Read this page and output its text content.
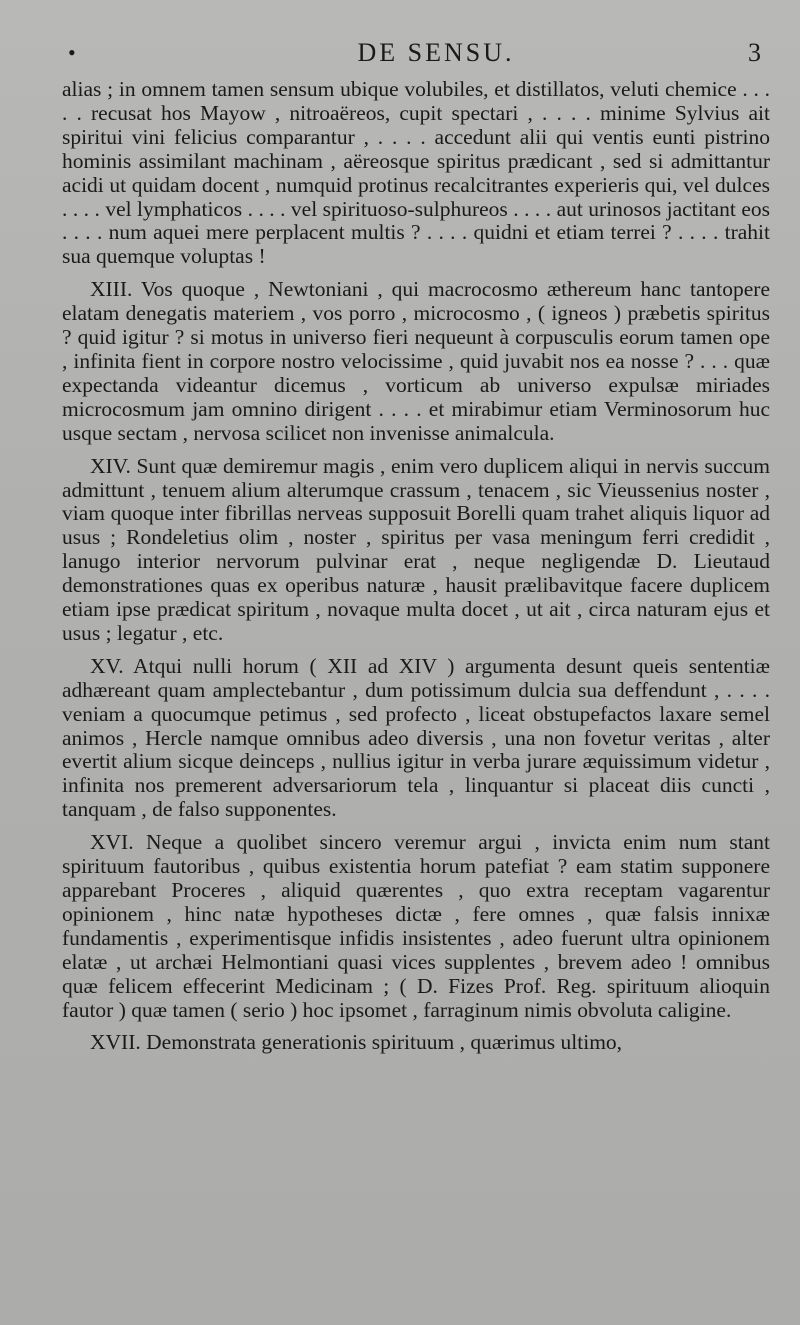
•	DE SENSU.	3

alias ; in omnem tamen sensum ubique volubiles, et distillatos, veluti chemice . . . . . recusat hos Mayow , nitroaëreos, cupit spectari , . . . . minime Sylvius ait spiritui vini felicius comparantur , . . . . accedunt alii qui ventis eunti pistrino hominis assimilant machinam , aëreosque spiritus prædicant , sed si admittantur acidi ut quidam docent , numquid protinus recalcitrantes experieris qui, vel dulces . . . . vel lymphaticos . . . . vel spirituoso-sulphureos . . . . aut urinosos jactitant eos . . . . num aquei mere perplacent multis ? . . . . quidni et etiam terrei ? . . . . trahit sua quemque voluptas !

XIII. Vos quoque , Newtoniani , qui macrocosmo æthereum hanc tantopere elatam denegatis materiem , vos porro , microcosmo , ( igneos ) præbetis spiritus ? quid igitur ? si motus in universo fieri nequeunt à corpusculis eorum tamen ope , infinita fient in corpore nostro velocissime , quid juvabit nos ea nosse ? . . . quæ expectanda videantur dicemus , vorticum ab universo expulsæ miriades microcosmum jam omnino dirigent . . . . et mirabimur etiam Verminosorum huc usque sectam , nervosa scilicet non invenisse animalcula.

XIV. Sunt quæ demiremur magis , enim vero duplicem aliqui in nervis succum admittunt , tenuem alium alterumque crassum , tenacem , sic Vieussenius noster , viam quoque inter fibrillas nerveas supposuit Borelli quam trahet aliquis liquor ad usus ; Rondeletius olim , noster , spiritus per vasa meningum ferri credidit , lanugo interior nervorum pulvinar erat , neque negligendæ D. Lieutaud demonstrationes quas ex operibus naturæ , hausit prælibavitque facere duplicem etiam ipse prædicat spiritum , novaque multa docet , ut ait , circa naturam ejus et usus ; legatur , etc.

XV. Atqui nulli horum ( XII ad XIV ) argumenta desunt queis sententiæ adhæreant quam amplectebantur , dum potissimum dulcia sua deffendunt , . . . . veniam a quocumque petimus , sed profecto , liceat obstupefactos laxare semel animos , Hercle namque omnibus adeo diversis , una non fovetur veritas , alter evertit alium sicque deinceps , nullius igitur in verba jurare æquissimum videtur , infinita nos premerent adversariorum tela , linquantur si placeat diis cuncti , tanquam , de falso supponentes.

XVI. Neque a quolibet sincero veremur argui , invicta enim num stant spirituum fautoribus , quibus existentia horum patefiat ? eam statim supponere apparebant Proceres , aliquid quærentes , quo extra receptam vagarentur opinionem , hinc natæ hypotheses dictæ , fere omnes , quæ falsis innixæ fundamentis , experimentisque infidis insistentes , adeo fuerunt ultra opinionem elatæ , ut archæi Helmontiani quasi vices supplentes , brevem adeo ! omnibus quæ felicem effecerint Medicinam ; ( D. Fizes Prof. Reg. spirituum alioquin fautor ) quæ tamen ( serio ) hoc ipsomet , farraginum nimis obvoluta caligine.

XVII. Demonstrata generationis spirituum , quærimus ultimo,
